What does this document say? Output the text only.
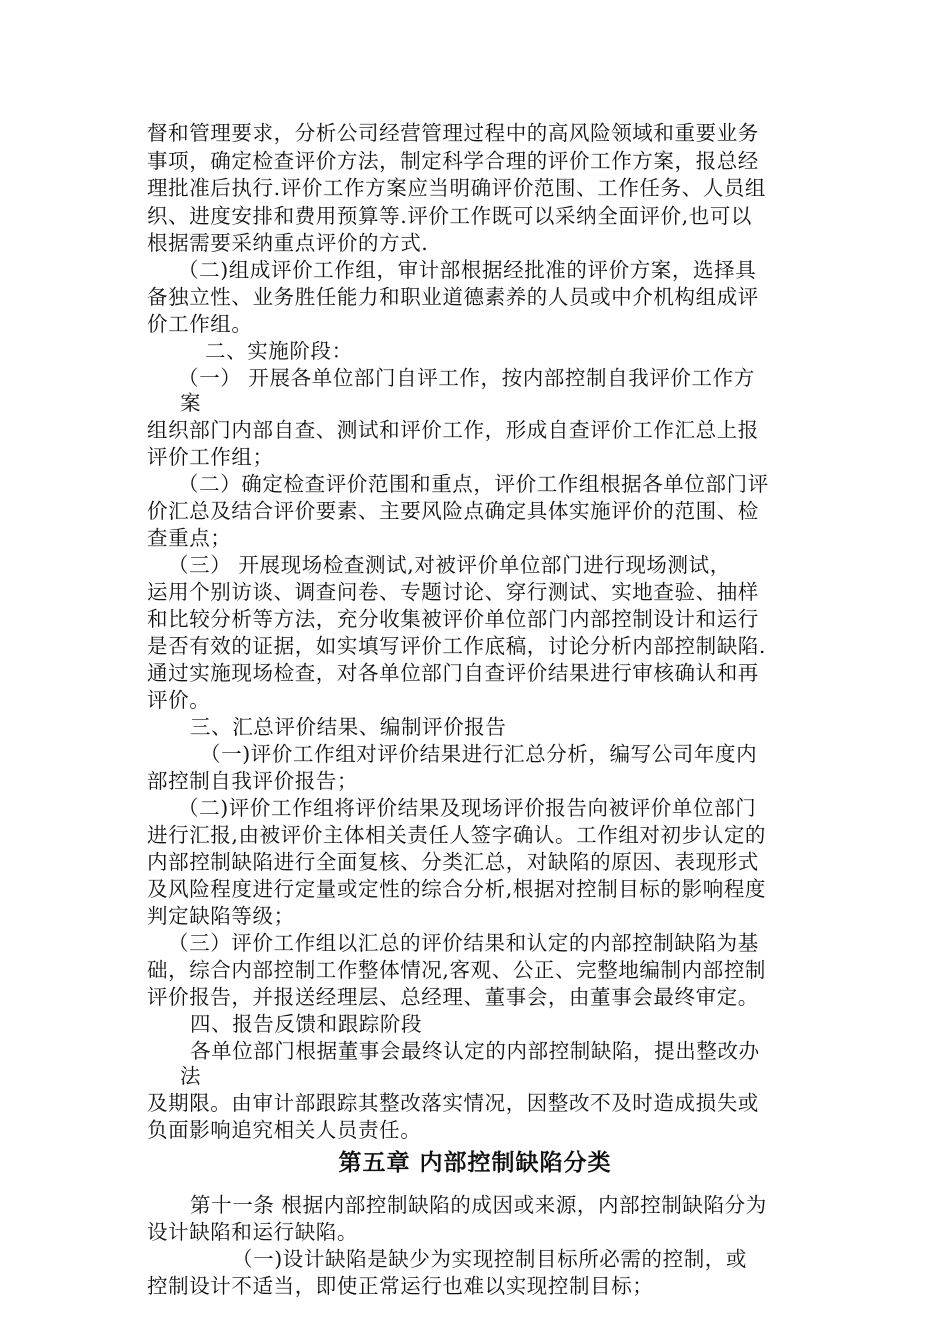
督和管理要求，分析公司经营管理过程中的高风险领域和重要业务
事项，确定检查评价方法，制定科学合理的评价工作方案，报总经
理批准后执行.评价工作方案应当明确评价范围、工作任务、人员组
织、进度安排和费用预算等.评价工作既可以采纳全面评价,也可以
根据需要采纳重点评价的方式.
（二)组成评价工作组，审计部根据经批准的评价方案，选择具
备独立性、业务胜任能力和职业道德素养的人员或中介机构组成评
价工作组。
二、实施阶段：
（一） 开展各单位部门自评工作，按内部控制自我评价工作方
案
组织部门内部自查、测试和评价工作，形成自查评价工作汇总上报
评价工作组；
（二）确定检查评价范围和重点，评价工作组根据各单位部门评
价汇总及结合评价要素、主要风险点确定具体实施评价的范围、检
查重点；
（三） 开展现场检查测试,对被评价单位部门进行现场测试，
运用个别访谈、调查问卷、专题讨论、穿行测试、实地查验、抽样
和比较分析等方法，充分收集被评价单位部门内部控制设计和运行
是否有效的证据，如实填写评价工作底稿，讨论分析内部控制缺陷.
通过实施现场检查，对各单位部门自查评价结果进行审核确认和再
评价。
三、汇总评价结果、编制评价报告
（一)评价工作组对评价结果进行汇总分析，编写公司年度内
部控制自我评价报告；
（二)评价工作组将评价结果及现场评价报告向被评价单位部门
进行汇报,由被评价主体相关责任人签字确认。工作组对初步认定的
内部控制缺陷进行全面复核、分类汇总，对缺陷的原因、表现形式
及风险程度进行定量或定性的综合分析,根据对控制目标的影响程度
判定缺陷等级；
（三）评价工作组以汇总的评价结果和认定的内部控制缺陷为基
础，综合内部控制工作整体情况,客观、公正、完整地编制内部控制
评价报告，并报送经理层、总经理、董事会，由董事会最终审定。
四、报告反馈和跟踪阶段
各单位部门根据董事会最终认定的内部控制缺陷，提出整改办
法
及期限。由审计部跟踪其整改落实情况，因整改不及时造成损失或
负面影响追究相关人员责任。
第五章 内部控制缺陷分类
第十一条 根据内部控制缺陷的成因或来源，内部控制缺陷分为
设计缺陷和运行缺陷。
（一)设计缺陷是缺少为实现控制目标所必需的控制，或
控制设计不适当，即使正常运行也难以实现控制目标；
